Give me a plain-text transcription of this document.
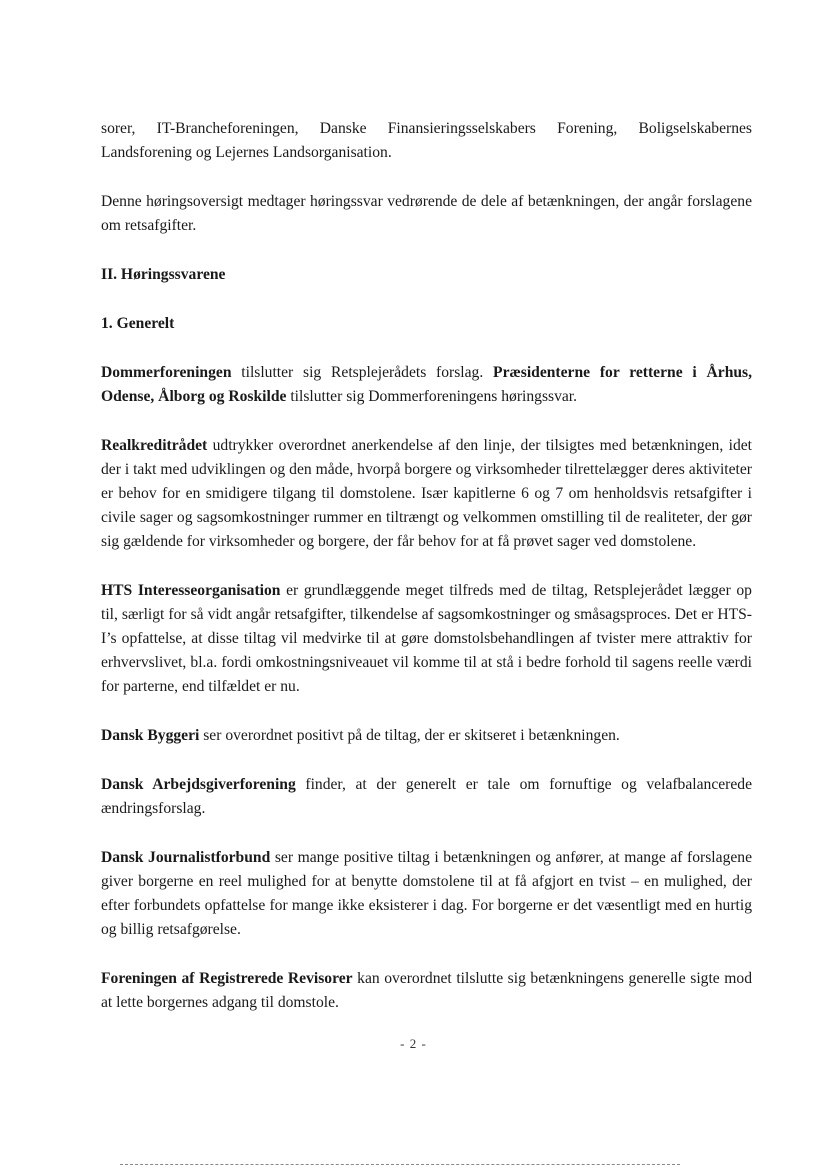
sorer, IT-Brancheforeningen, Danske Finansieringsselskabers Forening, Boligselskabernes Landsforening og Lejernes Landsorganisation.

Denne høringsoversigt medtager høringssvar vedrørende de dele af betænkningen, der angår forslagene om retsafgifter.

II. Høringssvarene

1. Generelt

Dommerforeningen tilslutter sig Retsplejerådets forslag. Præsidenterne for retterne i Århus, Odense, Ålborg og Roskilde tilslutter sig Dommerforeningens høringssvar.

Realkreditrådet udtrykker overordnet anerkendelse af den linje, der tilsigtes med betænkningen, idet der i takt med udviklingen og den måde, hvorpå borgere og virksomheder tilrettelægger deres aktiviteter er behov for en smidigere tilgang til domstolene. Især kapitlerne 6 og 7 om henholdsvis retsafgifter i civile sager og sagsomkostninger rummer en tiltrængt og velkommen omstilling til de realiteter, der gør sig gældende for virksomheder og borgere, der får behov for at få prøvet sager ved domstolene.

HTS Interesseorganisation er grundlæggende meget tilfreds med de tiltag, Retsplejerådet lægger op til, særligt for så vidt angår retsafgifter, tilkendelse af sagsomkostninger og småsagsproces. Det er HTS-I’s opfattelse, at disse tiltag vil medvirke til at gøre domstolsbehandlingen af tvister mere attraktiv for erhvervslivet, bl.a. fordi omkostningsniveauet vil komme til at stå i bedre forhold til sagens reelle værdi for parterne, end tilfældet er nu.

Dansk Byggeri ser overordnet positivt på de tiltag, der er skitseret i betænkningen.

Dansk Arbejdsgiverforening finder, at der generelt er tale om fornuftige og velafbalancerede ændringsforslag.

Dansk Journalistforbund ser mange positive tiltag i betænkningen og anfører, at mange af forslagene giver borgerne en reel mulighed for at benytte domstolene til at få afgjort en tvist – en mulighed, der efter forbundets opfattelse for mange ikke eksisterer i dag. For borgerne er det væsentligt med en hurtig og billig retsafgørelse.

Foreningen af Registrerede Revisorer kan overordnet tilslutte sig betænkningens generelle sigte mod at lette borgernes adgang til domstole.

- 2 -
